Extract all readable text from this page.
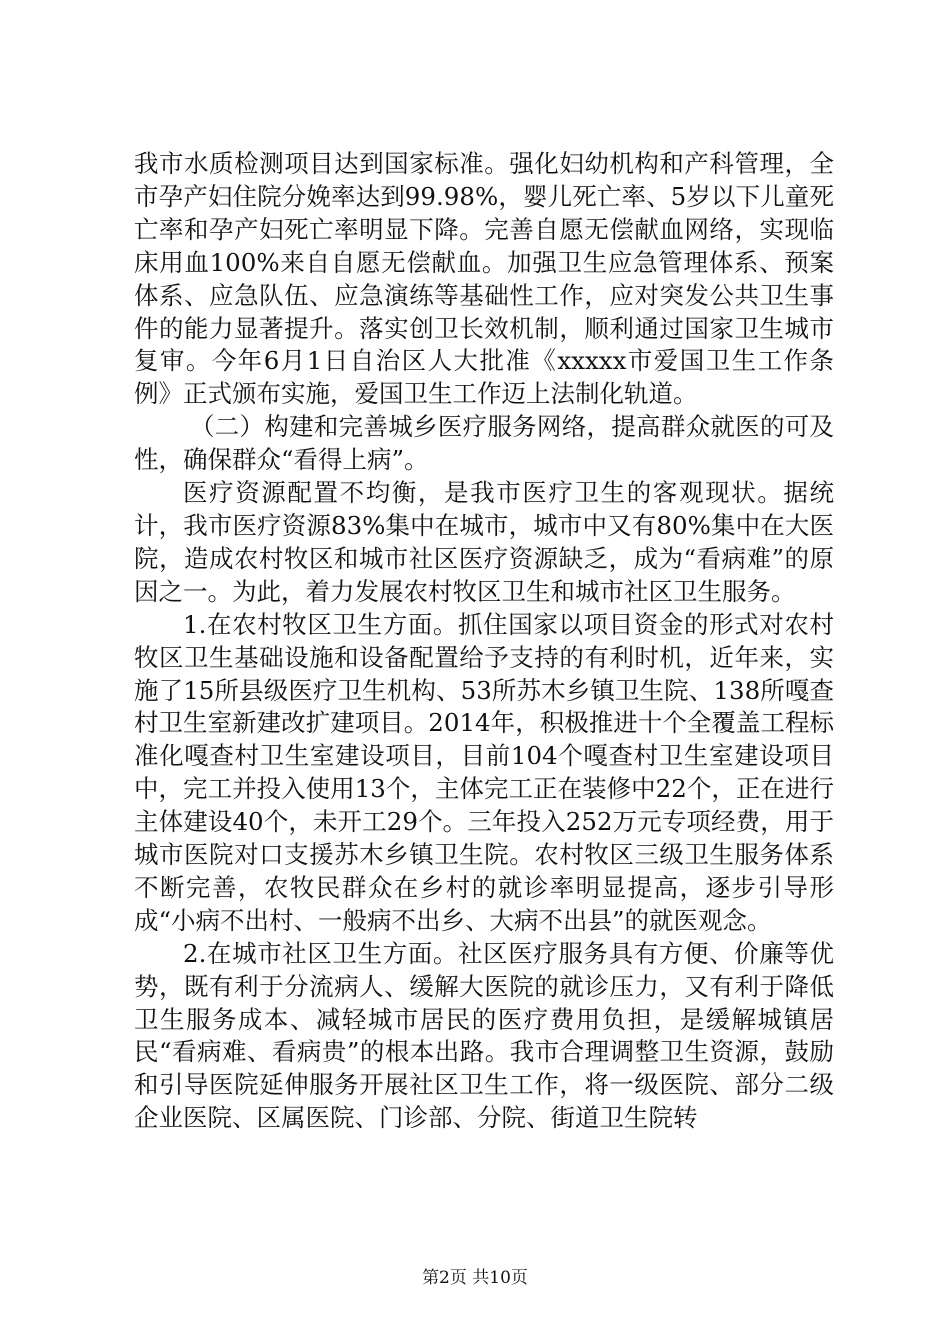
我市水质检测项目达到国家标准。强化妇幼机构和产科管理，全市孕产妇住院分娩率达到99.98%，婴儿死亡率、5岁以下儿童死亡率和孕产妇死亡率明显下降。完善自愿无偿献血网络，实现临床用血100%来自自愿无偿献血。加强卫生应急管理体系、预案体系、应急队伍、应急演练等基础性工作，应对突发公共卫生事件的能力显著提升。落实创卫长效机制，顺利通过国家卫生城市复审。今年6月1日自治区人大批准《xxxxx市爱国卫生工作条例》正式颁布实施，爱国卫生工作迈上法制化轨道。

（二）构建和完善城乡医疗服务网络，提高群众就医的可及性，确保群众“看得上病”。

医疗资源配置不均衡，是我市医疗卫生的客观现状。据统计，我市医疗资源83%集中在城市，城市中又有80%集中在大医院，造成农村牧区和城市社区医疗资源缺乏，成为“看病难”的原因之一。为此，着力发展农村牧区卫生和城市社区卫生服务。

1.在农村牧区卫生方面。抓住国家以项目资金的形式对农村牧区卫生基础设施和设备配置给予支持的有利时机，近年来，实施了15所县级医疗卫生机构、53所苏木乡镇卫生院、138所嘎查村卫生室新建改扩建项目。2014年，积极推进十个全覆盖工程标准化嘎查村卫生室建设项目，目前104个嘎查村卫生室建设项目中，完工并投入使用13个，主体完工正在装修中22个，正在进行主体建设40个，未开工29个。三年投入252万元专项经费，用于城市医院对口支援苏木乡镇卫生院。农村牧区三级卫生服务体系不断完善，农牧民群众在乡村的就诊率明显提高，逐步引导形成“小病不出村、一般病不出乡、大病不出县”的就医观念。

2.在城市社区卫生方面。社区医疗服务具有方便、价廉等优势，既有利于分流病人、缓解大医院的就诊压力，又有利于降低卫生服务成本、减轻城市居民的医疗费用负担，是缓解城镇居民“看病难、看病贵”的根本出路。我市合理调整卫生资源，鼓励和引导医院延伸服务开展社区卫生工作，将一级医院、部分二级企业医院、区属医院、门诊部、分院、街道卫生院转

第2页 共10页
